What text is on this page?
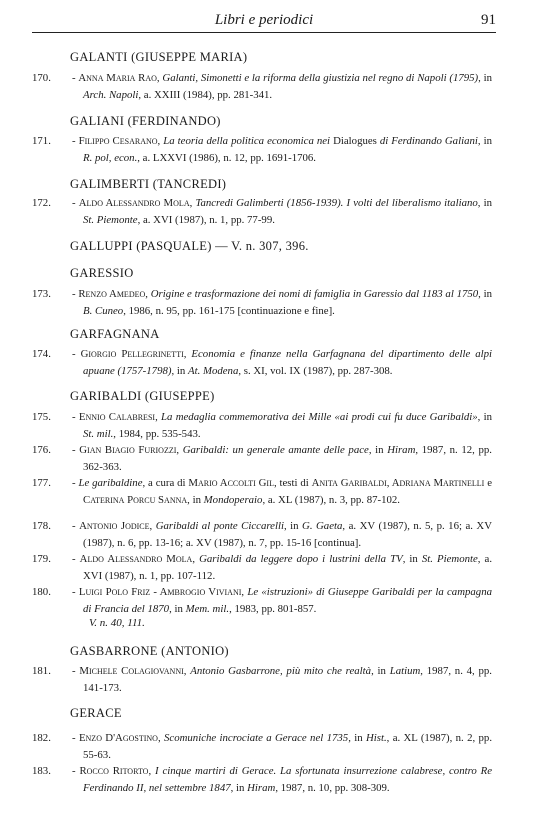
Libri e periodici	91
GALANTI (GIUSEPPE MARIA)
170. - Anna Maria Rao, Galanti, Simonetti e la riforma della giustizia nel regno di Napoli (1795), in Arch. Napoli, a. XXIII (1984), pp. 281-341.
GALIANI (FERDINANDO)
171. - Filippo Cesarano, La teoria della politica economica nei Dialogues di Ferdinando Galiani, in R. pol, econ., a. LXXVI (1986), n. 12, pp. 1691-1706.
GALIMBERTI (TANCREDI)
172. - Aldo Alessandro Mola, Tancredi Galimberti (1856-1939). I volti del liberalismo italiano, in St. Piemonte, a. XVI (1987), n. 1, pp. 77-99.
GALLUPPI (PASQUALE) — V. n. 307, 396.
GARESSIO
173. - Renzo Amedeo, Origine e trasformazione dei nomi di famiglia in Garessio dal 1183 al 1750, in B. Cuneo, 1986, n. 95, pp. 161-175 [continuazione e fine].
GARFAGNANA
174. - Giorgio Pellegrinetti, Economia e finanze nella Garfagnana del dipartimento delle alpi apuane (1757-1798), in At. Modena, s. XI, vol. IX (1987), pp. 287-308.
GARIBALDI (GIUSEPPE)
175. - Ennio Calabresi, La medaglia commemorativa dei Mille «ai prodi cui fu duce Garibaldi», in St. mil., 1984, pp. 535-543.
176. - Gian Biagio Furiozzi, Garibaldi: un generale amante delle pace, in Hiram, 1987, n. 12, pp. 362-363.
177. - Le garibaldine, a cura di Mario Accolti Gil, testi di Anita Garibaldi, Adriana Martinelli e Caterina Porcu Sanna, in Mondoperaio, a. XL (1987), n. 3, pp. 87-102.
178. - Antonio Jodice, Garibaldi al ponte Ciccarelli, in G. Gaeta, a. XV (1987), n. 5, p. 16; a. XV (1987), n. 6, pp. 13-16; a. XV (1987), n. 7, pp. 15-16 [continua].
179. - Aldo Alessandro Mola, Garibaldi da leggere dopo i lustrini della TV, in St. Piemonte, a. XVI (1987), n. 1, pp. 107-112.
180. - Luigi Polo Friz - Ambrogio Viviani, Le «istruzioni» di Giuseppe Garibaldi per la campagna di Francia del 1870, in Mem. mil., 1983, pp. 801-857.
V. n. 40, 111.
GASBARRONE (ANTONIO)
181. - Michele Colagiovanni, Antonio Gasbarrone, più mito che realtà, in Latium, 1987, n. 4, pp. 141-173.
GERACE
182. - Enzo D'Agostino, Scomuniche incrociate a Gerace nel 1735, in Hist., a. XL (1987), n. 2, pp. 55-63.
183. - Rocco Ritorto, I cinque martiri di Gerace. La sfortunata insurrezione calabrese, contro Re Ferdinando II, nel settembre 1847, in Hiram, 1987, n. 10, pp. 308-309.
